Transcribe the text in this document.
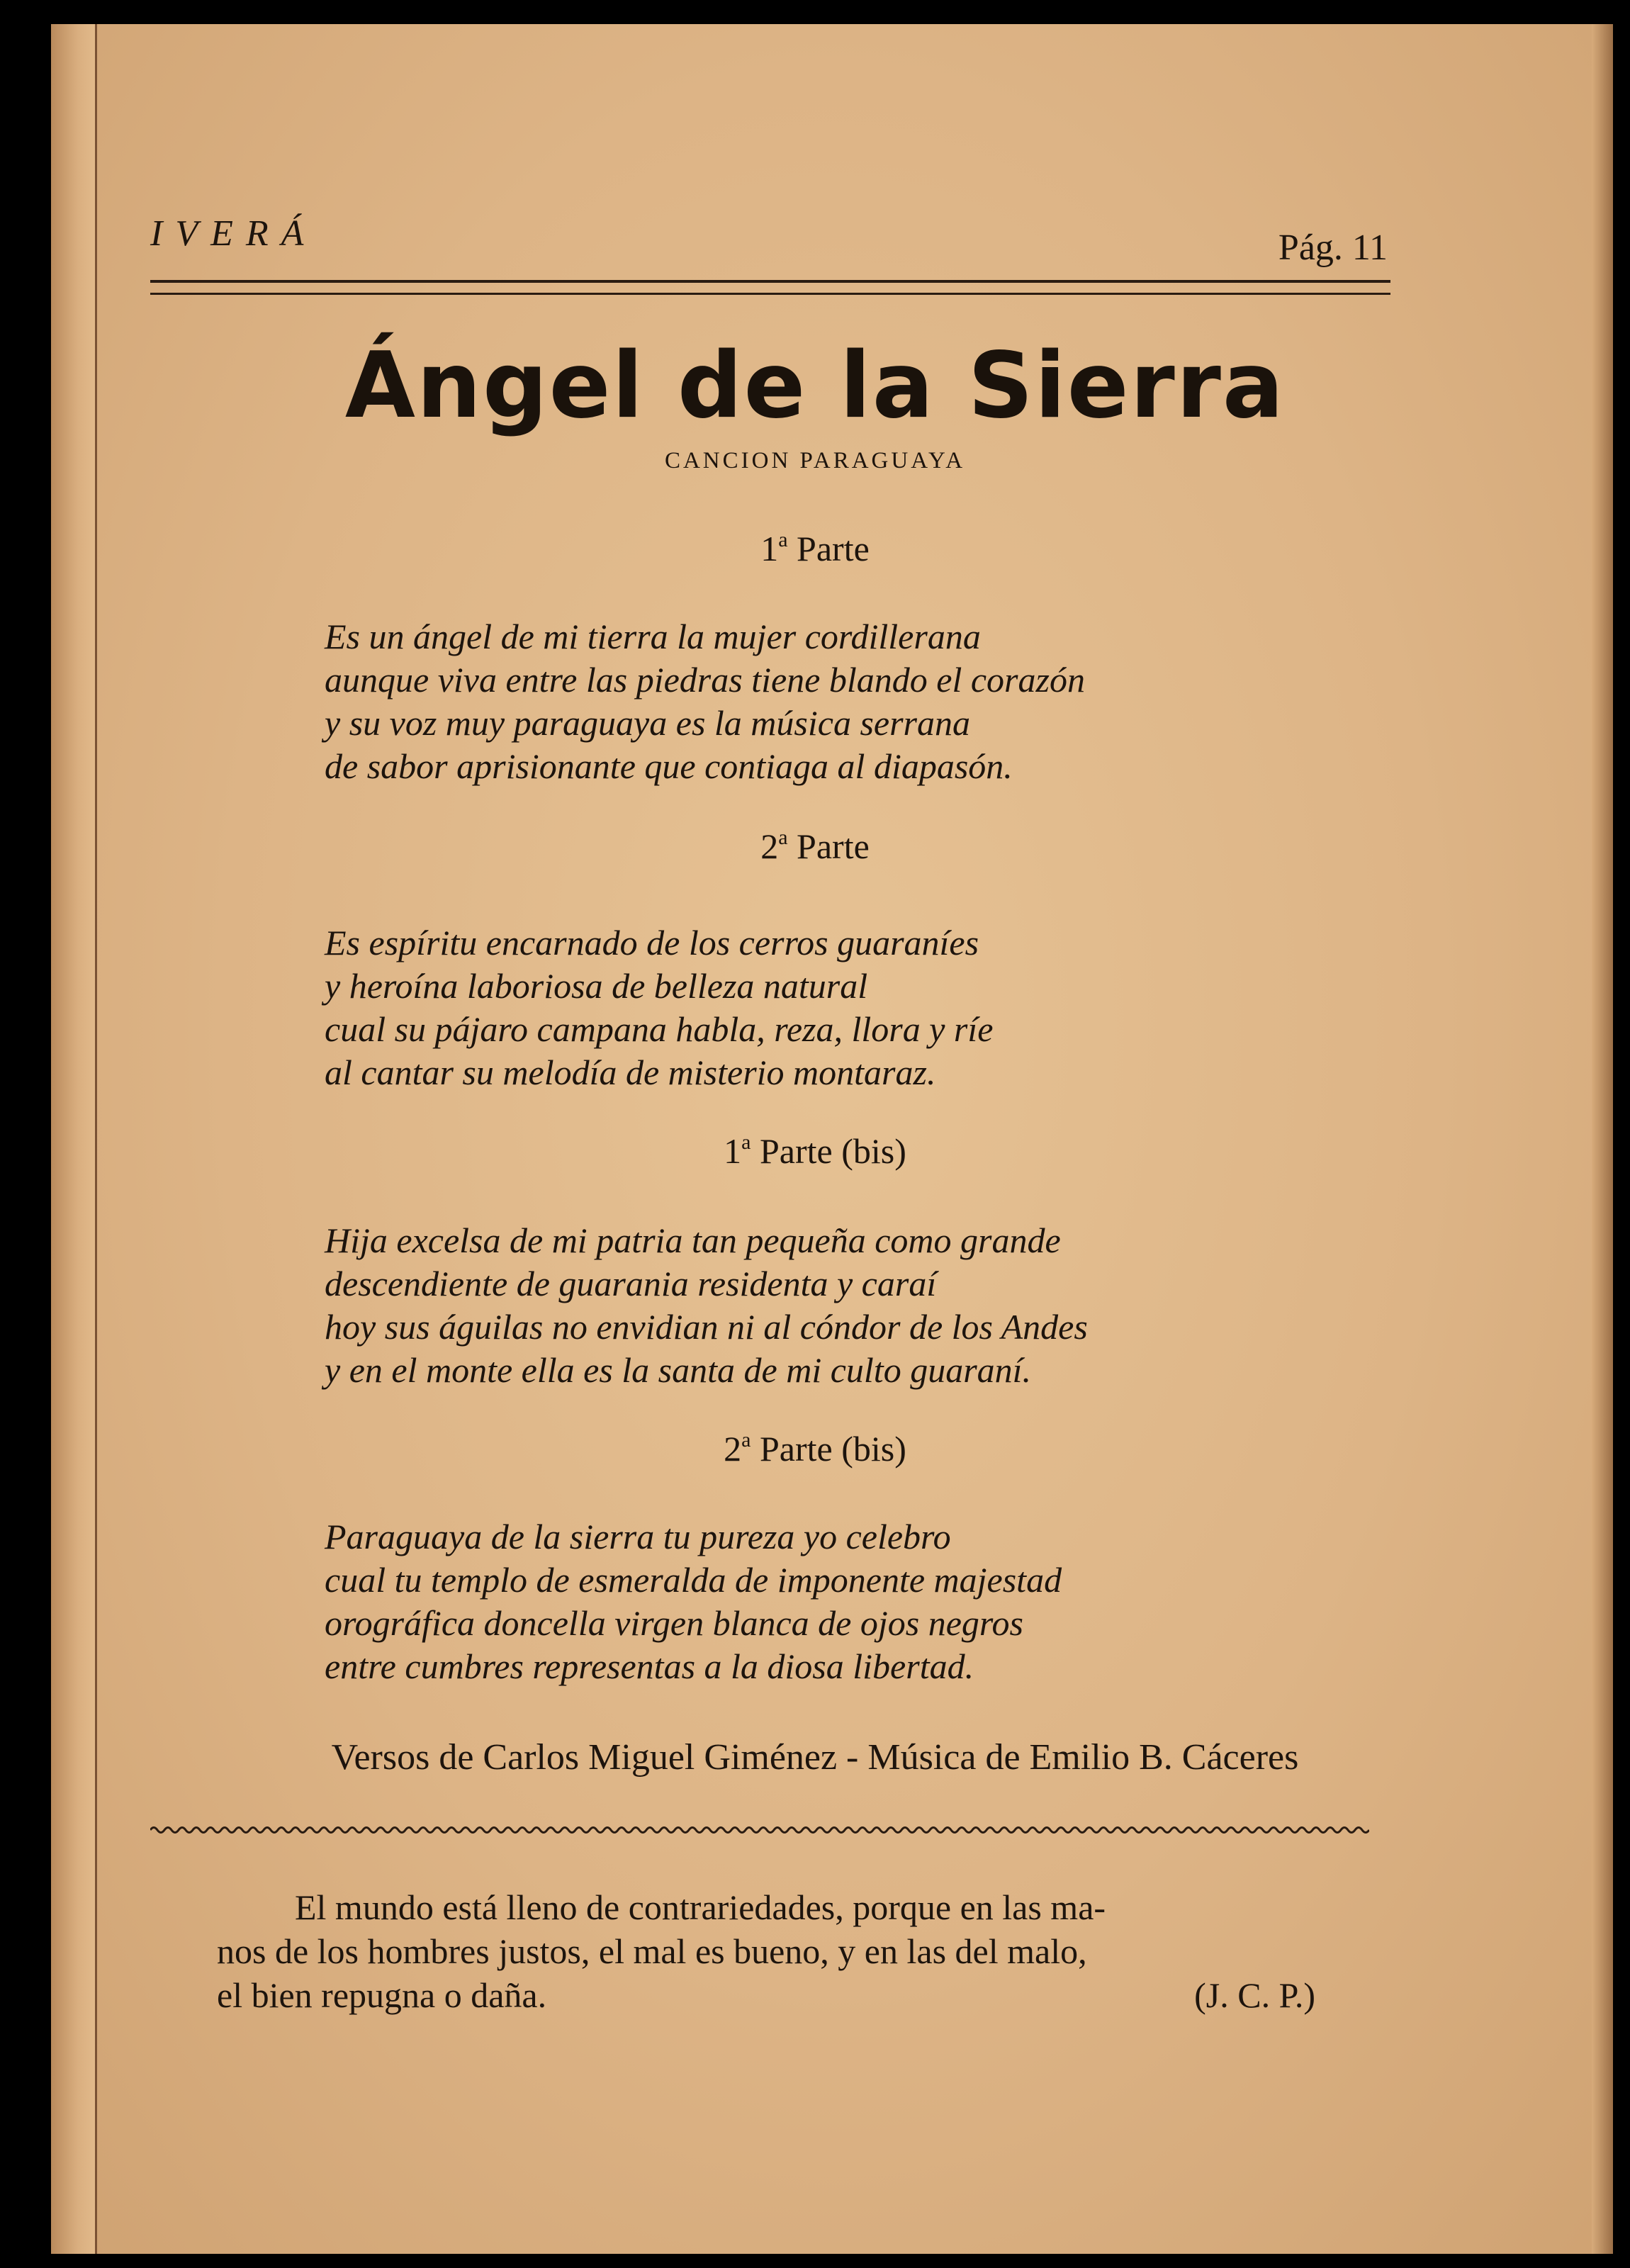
IVERÁ	Pág. 11
Ángel de la Sierra
CANCION PARAGUAYA
1$^a$ Parte
Es un ángel de mi tierra la mujer cordillerana
aunque viva entre las piedras tiene blando el corazón
y su voz muy paraguaya es la música serrana
de sabor aprisionante que contiaga al diapasón.
2$^a$ Parte
Es espíritu encarnado de los cerros guaraníes
y heroína laboriosa de belleza natural
cual su pájaro campana habla, reza, llora y ríe
al cantar su melodía de misterio montaraz.
1$^a$ Parte (bis)
Hija excelsa de mi patria tan pequeña como grande
descendiente de guarania residenta y caraí
hoy sus águilas no envidian ni al cóndor de los Andes
y en el monte ella es la santa de mi culto guaraní.
2$^a$ Parte (bis)
Paraguaya de la sierra tu pureza yo celebro
cual tu templo de esmeralda de imponente majestad
orográfica doncella virgen blanca de ojos negros
entre cumbres representas a la diosa libertad.
Versos de Carlos Miguel Giménez - Música de Emilio B. Cáceres
El mundo está lleno de contrariedades, porque en las ma-
nos de los hombres justos, el mal es bueno, y en las del malo,
el bien repugna o daña.	(J. C. P.)
